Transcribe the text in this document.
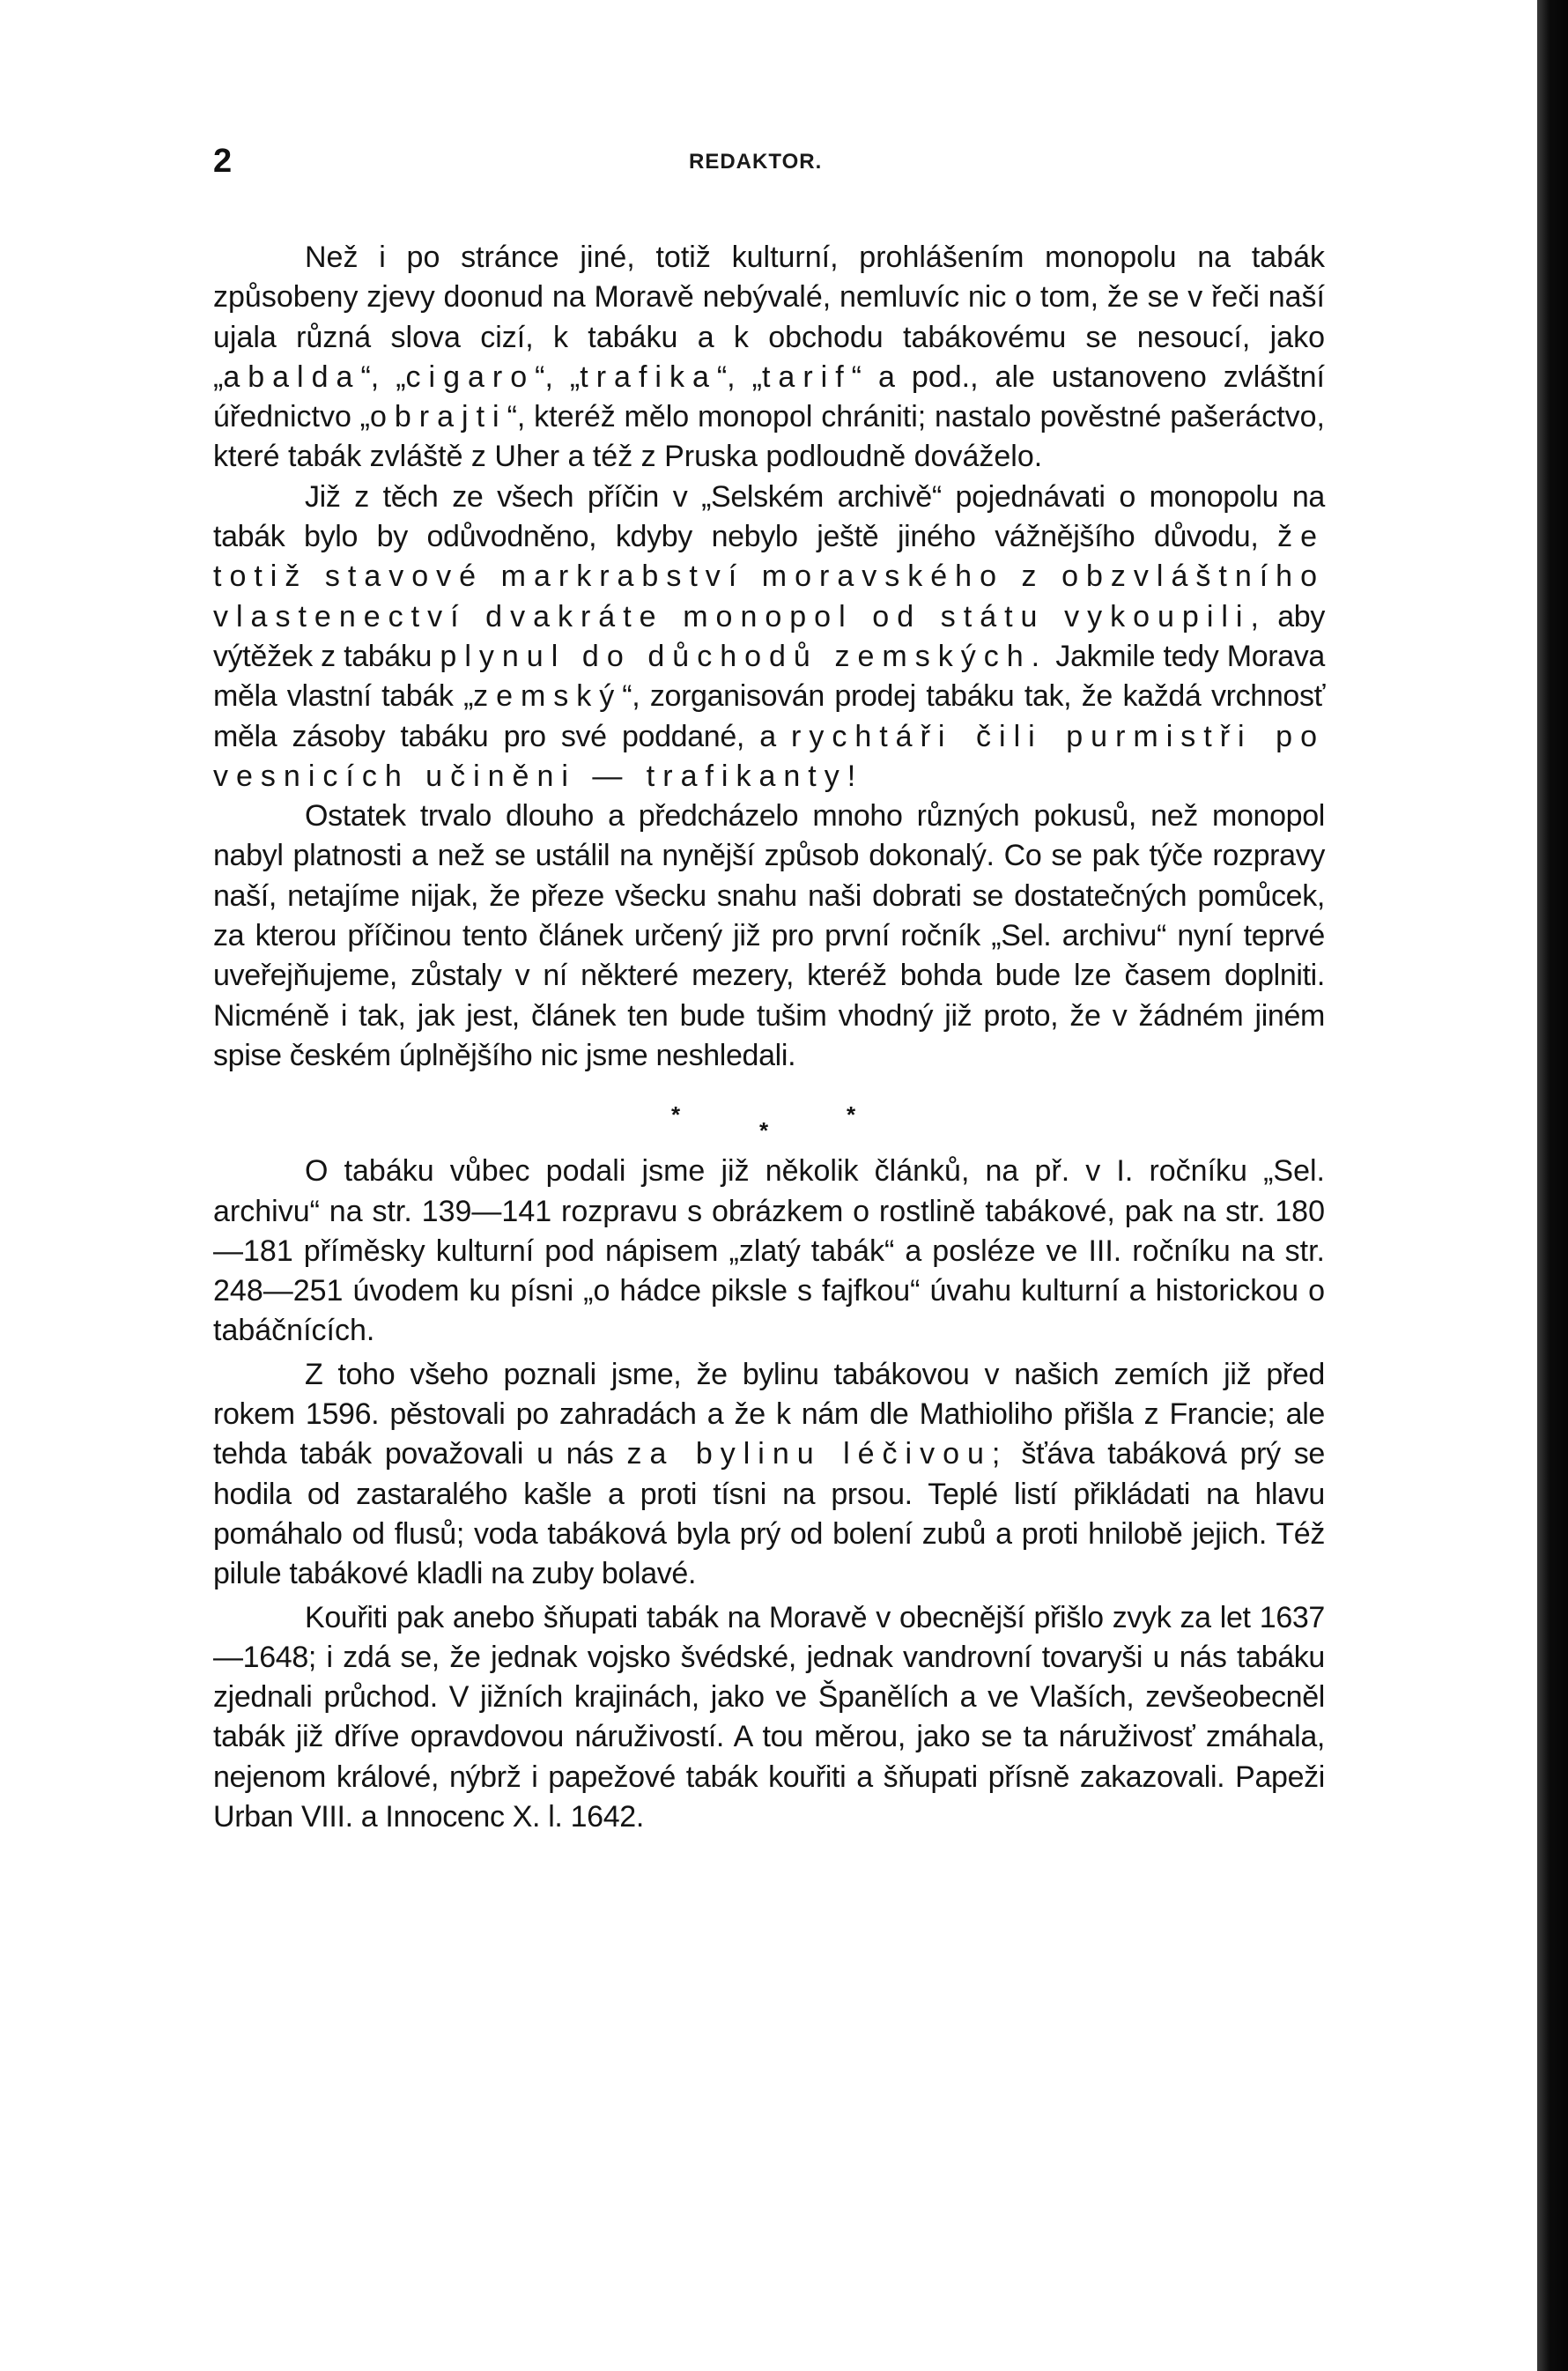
2	REDAKTOR.

Než i po stránce jiné, totiž kulturní, prohlášením monopolu na tabák způsobeny zjevy doonud na Moravě nebývalé, nemluvíc nic o tom, že se v řeči naší ujala různá slova cizí, k tabáku a k obchodu tabákovému se nesoucí, jako „abalda“, „cigaro“, „trafika“, „tarif“ a pod., ale ustanoveno zvláštní úřednictvo „obrajti“, kteréž mělo monopol chrániti; nastalo pověstné pašeráctvo, které tabák zvláště z Uher a též z Pruska podloudně dováželo.

Již z těch ze všech příčin v „Selském archivě“ pojednávati o monopolu na tabák bylo by odůvodněno, kdyby nebylo ještě jiného vážnějšího důvodu, že totiž stavové markrabství moravského z obzvláštního vlastenectví dvakráte monopol od státu vykoupili, aby výtěžek z tabáku plynul do důchodů zemských. Jakmile tedy Morava měla vlastní tabák „zemský“, zorganisován prodej tabáku tak, že každá vrchnosť měla zásoby tabáku pro své poddané, a rychtáři čili purmistři po vesnicích učiněni — trafikanty!

Ostatek trvalo dlouho a předcházelo mnoho různých pokusů, než monopol nabyl platnosti a než se ustálil na nynější způsob dokonalý. Co se pak týče rozpravy naší, netajíme nijak, že přeze všecku snahu naši dobrati se dostatečných pomůcek, za kterou příčinou tento článek určený již pro první ročník „Sel. archivu“ nyní teprvé uveřejňujeme, zůstaly v ní některé mezery, kteréž bohda bude lze časem doplniti. Nicméně i tak, jak jest, článek ten bude tušim vhodný již proto, že v žádném jiném spise českém úplnějšího nic jsme neshledali.

*
*
*

O tabáku vůbec podali jsme již několik článků, na př. v I. ročníku „Sel. archivu“ na str. 139—141 rozpravu s obrázkem o rostlině tabákové, pak na str. 180—181 příměsky kulturní pod nápisem „zlatý tabák“ a posléze ve III. ročníku na str. 248—251 úvodem ku písni „o hádce piksle s fajfkou“ úvahu kulturní a historickou o tabáčnících.

Z toho všeho poznali jsme, že bylinu tabákovou v našich zemích již před rokem 1596. pěstovali po zahradách a že k nám dle Mathioliho přišla z Francie; ale tehda tabák považovali u nás za bylinu léčivou; šťáva tabáková prý se hodila od zastaralého kašle a proti tísni na prsou. Teplé listí přikládati na hlavu pomáhalo od flusů; voda tabáková byla prý od bolení zubů a proti hnilobě jejich. Též pilule tabákové kladli na zuby bolavé.

Kouřiti pak anebo šňupati tabák na Moravě v obecnější přišlo zvyk za let 1637—1648; i zdá se, že jednak vojsko švédské, jednak vandrovní tovaryši u nás tabáku zjednali průchod. V jižních krajinách, jako ve Španělích a ve Vlaších, zevšeobecněl tabák již dříve opravdovou náruživostí. A tou měrou, jako se ta náruživosť zmáhala, nejenom králové, nýbrž i papežové tabák kouřiti a šňupati přísně zakazovali. Papeži Urban VIII. a Innocenc X. l. 1642.
